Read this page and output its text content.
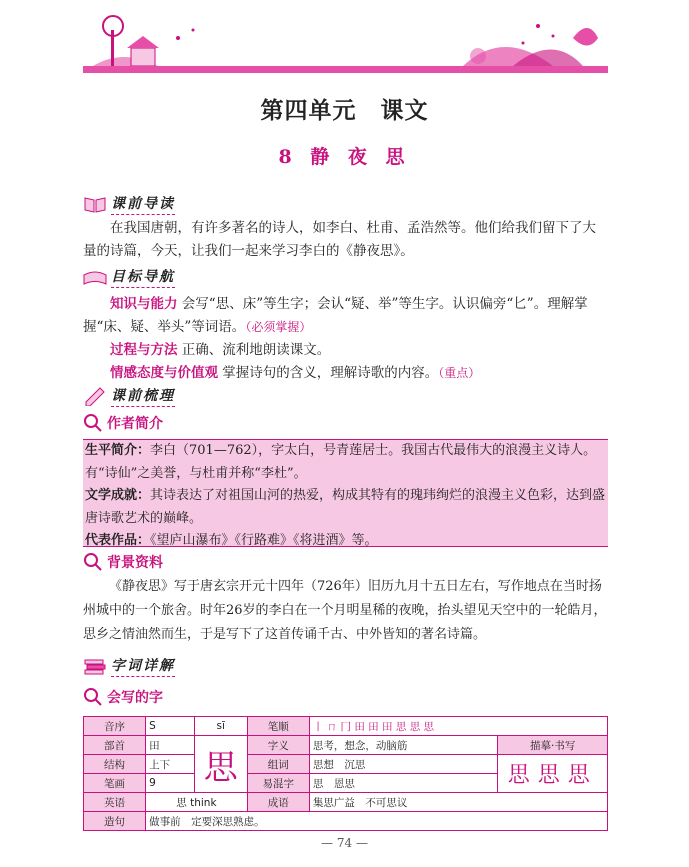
第四单元　课文
8 静 夜 思
课前导读
在我国唐朝，有许多著名的诗人，如李白、杜甫、孟浩然等。他们给我们留下了大量的诗篇，今天，让我们一起来学习李白的《静夜思》。
目标导航
知识与能力 会写“思、床”等生字；会认“疑、举”等生字。认识偏旁“匕”。理解掌握“床、疑、举头”等词语。（必须掌握）
过程与方法 正确、流利地朗读课文。
情感态度与价值观 掌握诗句的含义，理解诗歌的内容。（重点）
课前梳理
作者简介
生平简介：李白（701—762），字太白，号青莲居士。我国古代最伟大的浪漫主义诗人。有“诗仙”之美誉，与杜甫并称“李杜”。
文学成就：其诗表达了对祖国山河的热爱，构成其特有的瑰玮绚烂的浪漫主义色彩，达到盛唐诗歌艺术的巅峰。
代表作品：《望庐山瀑布》《行路难》《将进酒》等。
背景资料
《静夜思》写于唐玄宗开元十四年（726年）旧历九月十五日左右，写作地点在当时扬州城中的一个旅舍。时年26岁的李白在一个月明星稀的夜晚，抬头望见天空中的一轮皓月，思乡之情油然而生，于是写下了这首传诵千古、中外皆知的著名诗篇。
字词详解
会写的字
音序	S	sī	笔顺	丨 ㄇ 冂 田 田 田 思 思 思	
部首	田	思	字义	思考，想念，动脑筋	描摹·书写
结构	上下		组词	思想　沉思	思思思
笔画	9		易混字	思　恩思	
英语	思 think		成语	集思广益　不可思议	
造句	做事前　定要深思熟虑。				
— 74 —
